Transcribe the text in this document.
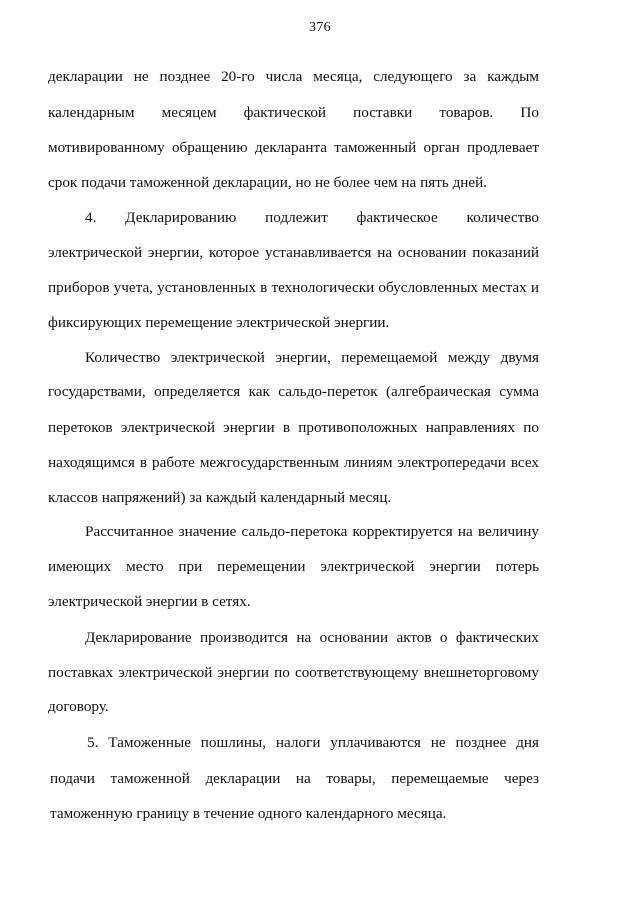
376
декларации не позднее 20-го числа месяца, следующего за каждым
календарным месяцем фактической поставки товаров. По
мотивированному обращению декларанта таможенный орган продлевает
срок подачи таможенной декларации, но не более чем на пять дней.
4. Декларированию подлежит фактическое количество
электрической энергии, которое устанавливается на основании показаний
приборов учета, установленных в технологически обусловленных местах и
фиксирующих перемещение электрической энергии.
Количество электрической энергии, перемещаемой между двумя
государствами, определяется как сальдо-переток (алгебраическая сумма
перетоков электрической энергии в противоположных направлениях по
находящимся в работе межгосударственным линиям электропередачи всех
классов напряжений) за каждый календарный месяц.
Рассчитанное значение сальдо-перетока корректируется на величину
имеющих место при перемещении электрической энергии потерь
электрической энергии в сетях.
Декларирование производится на основании актов о фактических
поставках электрической энергии по соответствующему внешнеторговому
договору.
5. Таможенные пошлины, налоги уплачиваются не позднее дня
подачи таможенной декларации на товары, перемещаемые через
таможенную границу в течение одного календарного месяца.
